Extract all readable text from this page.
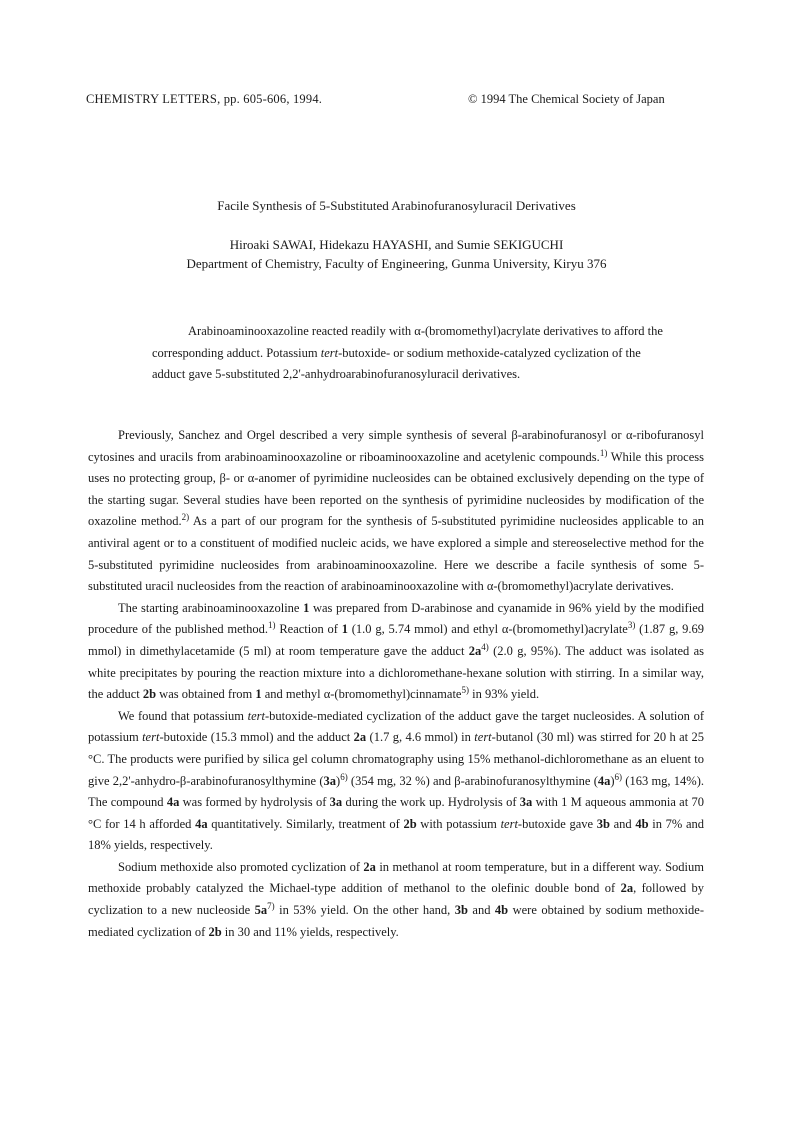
CHEMISTRY LETTERS, pp. 605-606, 1994.	© 1994 The Chemical Society of Japan
Facile Synthesis of 5-Substituted Arabinofuranosyluracil Derivatives
Hiroaki SAWAI, Hidekazu HAYASHI, and Sumie SEKIGUCHI
Department of Chemistry, Faculty of Engineering, Gunma University, Kiryu 376

Arabinoaminooxazoline reacted readily with α-(bromomethyl)acrylate derivatives to afford the corresponding adduct. Potassium tert-butoxide- or sodium methoxide-catalyzed cyclization of the adduct gave 5-substituted 2,2'-anhydroarabinofuranosyluracil derivatives.

Previously, Sanchez and Orgel described a very simple synthesis of several β-arabinofuranosyl or α-ribofuranosyl cytosines and uracils from arabinoaminooxazoline or riboaminooxazoline and acetylenic compounds.$^{1)}$ While this process uses no protecting group, β- or α-anomer of pyrimidine nucleosides can be obtained exclusively depending on the type of the starting sugar. Several studies have been reported on the synthesis of pyrimidine nucleosides by modification of the oxazoline method.$^{2)}$ As a part of our program for the synthesis of 5-substituted pyrimidine nucleosides applicable to an antiviral agent or to a constituent of modified nucleic acids, we have explored a simple and stereoselective method for the 5-substituted pyrimidine nucleosides from arabinoaminooxazoline. Here we describe a facile synthesis of some 5-substituted uracil nucleosides from the reaction of arabinoaminooxazoline with α-(bromomethyl)acrylate derivatives.

The starting arabinoaminooxazoline 1 was prepared from D-arabinose and cyanamide in 96% yield by the modified procedure of the published method.$^{1)}$ Reaction of 1 (1.0 g, 5.74 mmol) and ethyl α-(bromomethyl)acrylate$^{3)}$ (1.87 g, 9.69 mmol) in dimethylacetamide (5 ml) at room temperature gave the adduct $2a^{4)}$ (2.0 g, 95%). The adduct was isolated as white precipitates by pouring the reaction mixture into a dichloromethane-hexane solution with stirring. In a similar way, the adduct 2b was obtained from 1 and methyl α-(bromomethyl)cinnamate$^{5)}$ in 93% yield.

We found that potassium tert-butoxide-mediated cyclization of the adduct gave the target nucleosides. A solution of potassium tert-butoxide (15.3 mmol) and the adduct 2a (1.7 g, 4.6 mmol) in tert-butanol (30 ml) was stirred for 20 h at 25 °C. The products were purified by silica gel column chromatography using 15% methanol-dichloromethane as an eluent to give 2,2'-anhydro-β-arabinofuranosylthymine $(3a)^{6)}$ (354 mg, 32 %) and β-arabinofuranosylthymine $(4a)^{6)}$ (163 mg, 14%). The compound 4a was formed by hydrolysis of 3a during the work up. Hydrolysis of 3a with 1 M aqueous ammonia at 70 °C for 14 h afforded 4a quantitatively. Similarly, treatment of 2b with potassium tert-butoxide gave 3b and 4b in 7% and 18% yields, respectively.

Sodium methoxide also promoted cyclization of 2a in methanol at room temperature, but in a different way. Sodium methoxide probably catalyzed the Michael-type addition of methanol to the olefinic double bond of 2a, followed by cyclization to a new nucleoside $5a^{7)}$ in 53% yield. On the other hand, 3b and 4b were obtained by sodium methoxide-mediated cyclization of 2b in 30 and 11% yields, respectively.
